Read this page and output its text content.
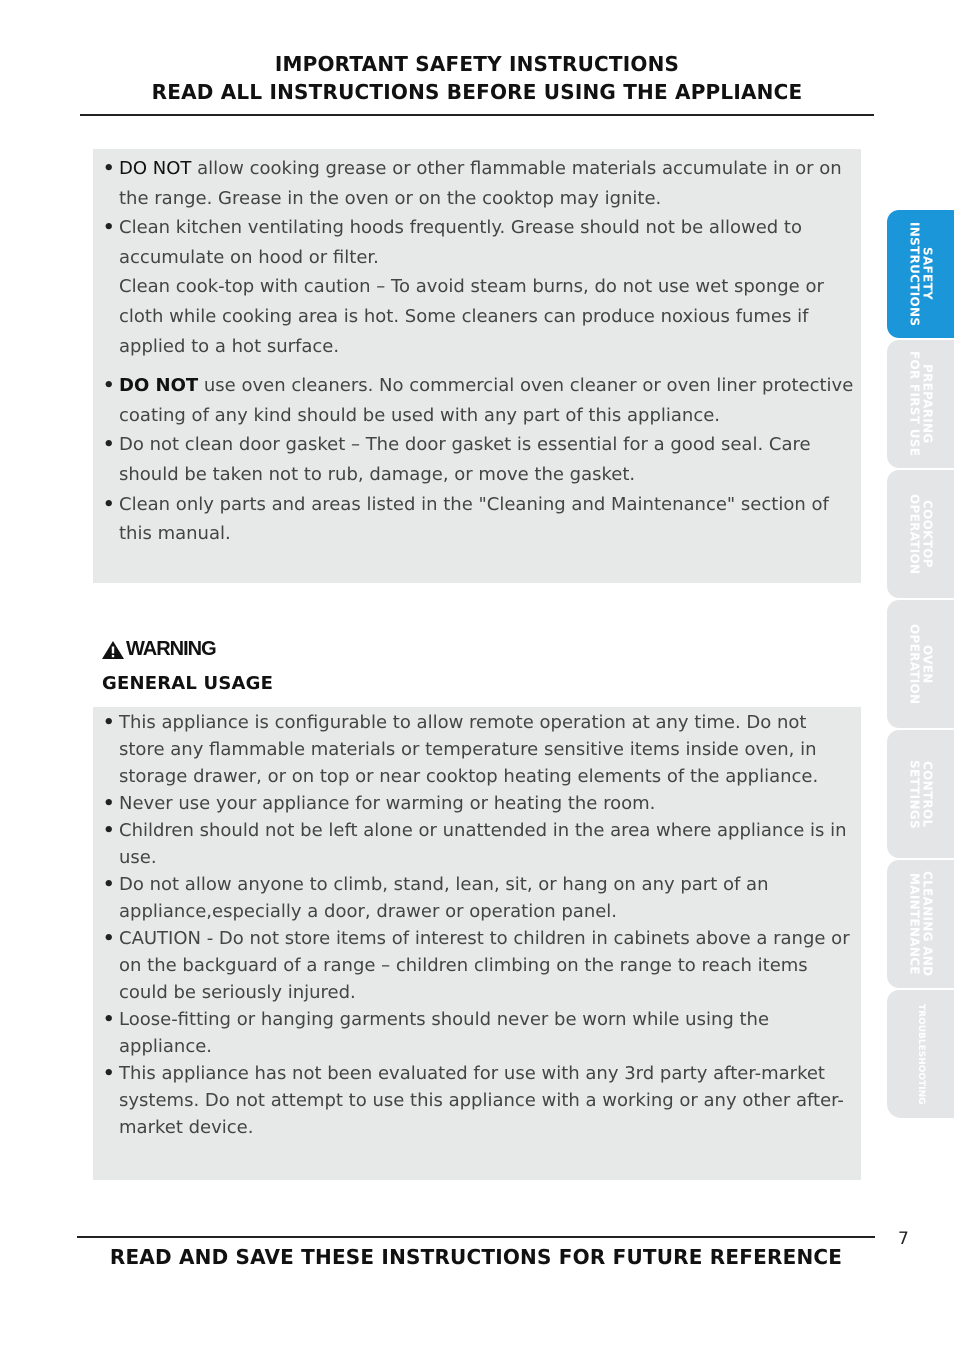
IMPORTANT SAFETY INSTRUCTIONS
READ ALL INSTRUCTIONS BEFORE USING THE APPLIANCE
• DO NOT allow cooking grease or other flammable materials accumulate in or on the range. Grease in the oven or on the cooktop may ignite.
• Clean kitchen ventilating hoods frequently. Grease should not be allowed to accumulate on hood or filter.
Clean cook-top with caution – To avoid steam burns, do not use wet sponge or cloth while cooking area is hot. Some cleaners can produce noxious fumes if applied to a hot surface.
• DO NOT use oven cleaners. No commercial oven cleaner or oven liner protective coating of any kind should be used with any part of this appliance.
• Do not clean door gasket – The door gasket is essential for a good seal. Care should be taken not to rub, damage, or move the gasket.
• Clean only parts and areas listed in the "Cleaning and Maintenance" section of this manual.
WARNING
GENERAL USAGE
• This appliance is configurable to allow remote operation at any time. Do not store any flammable materials or temperature sensitive items inside oven, in storage drawer, or on top or near cooktop heating elements of the appliance.
• Never use your appliance for warming or heating the room.
• Children should not be left alone or unattended in the area where appliance is in use.
• Do not allow anyone to climb, stand, lean, sit, or hang on any part of an appliance,especially a door, drawer or operation panel.
• CAUTION - Do not store items of interest to children in cabinets above a range or on the backguard of a range – children climbing on the range to reach items could be seriously injured.
• Loose-fitting or hanging garments should never be worn while using the appliance.
• This appliance has not been evaluated for use with any 3rd party after-market systems. Do not attempt to use this appliance with a working or any other after-market device.
7
READ AND SAVE THESE INSTRUCTIONS FOR FUTURE REFERENCE
SAFETY
INSTRUCTIONS
PREPARING
FOR FIRST USE
COOKTOP
OPERATION
OVEN
OPERATION
CONTROL
SETTINGS
CLEANING AND
MAINTENANCE
TROUBLESHOOTING
